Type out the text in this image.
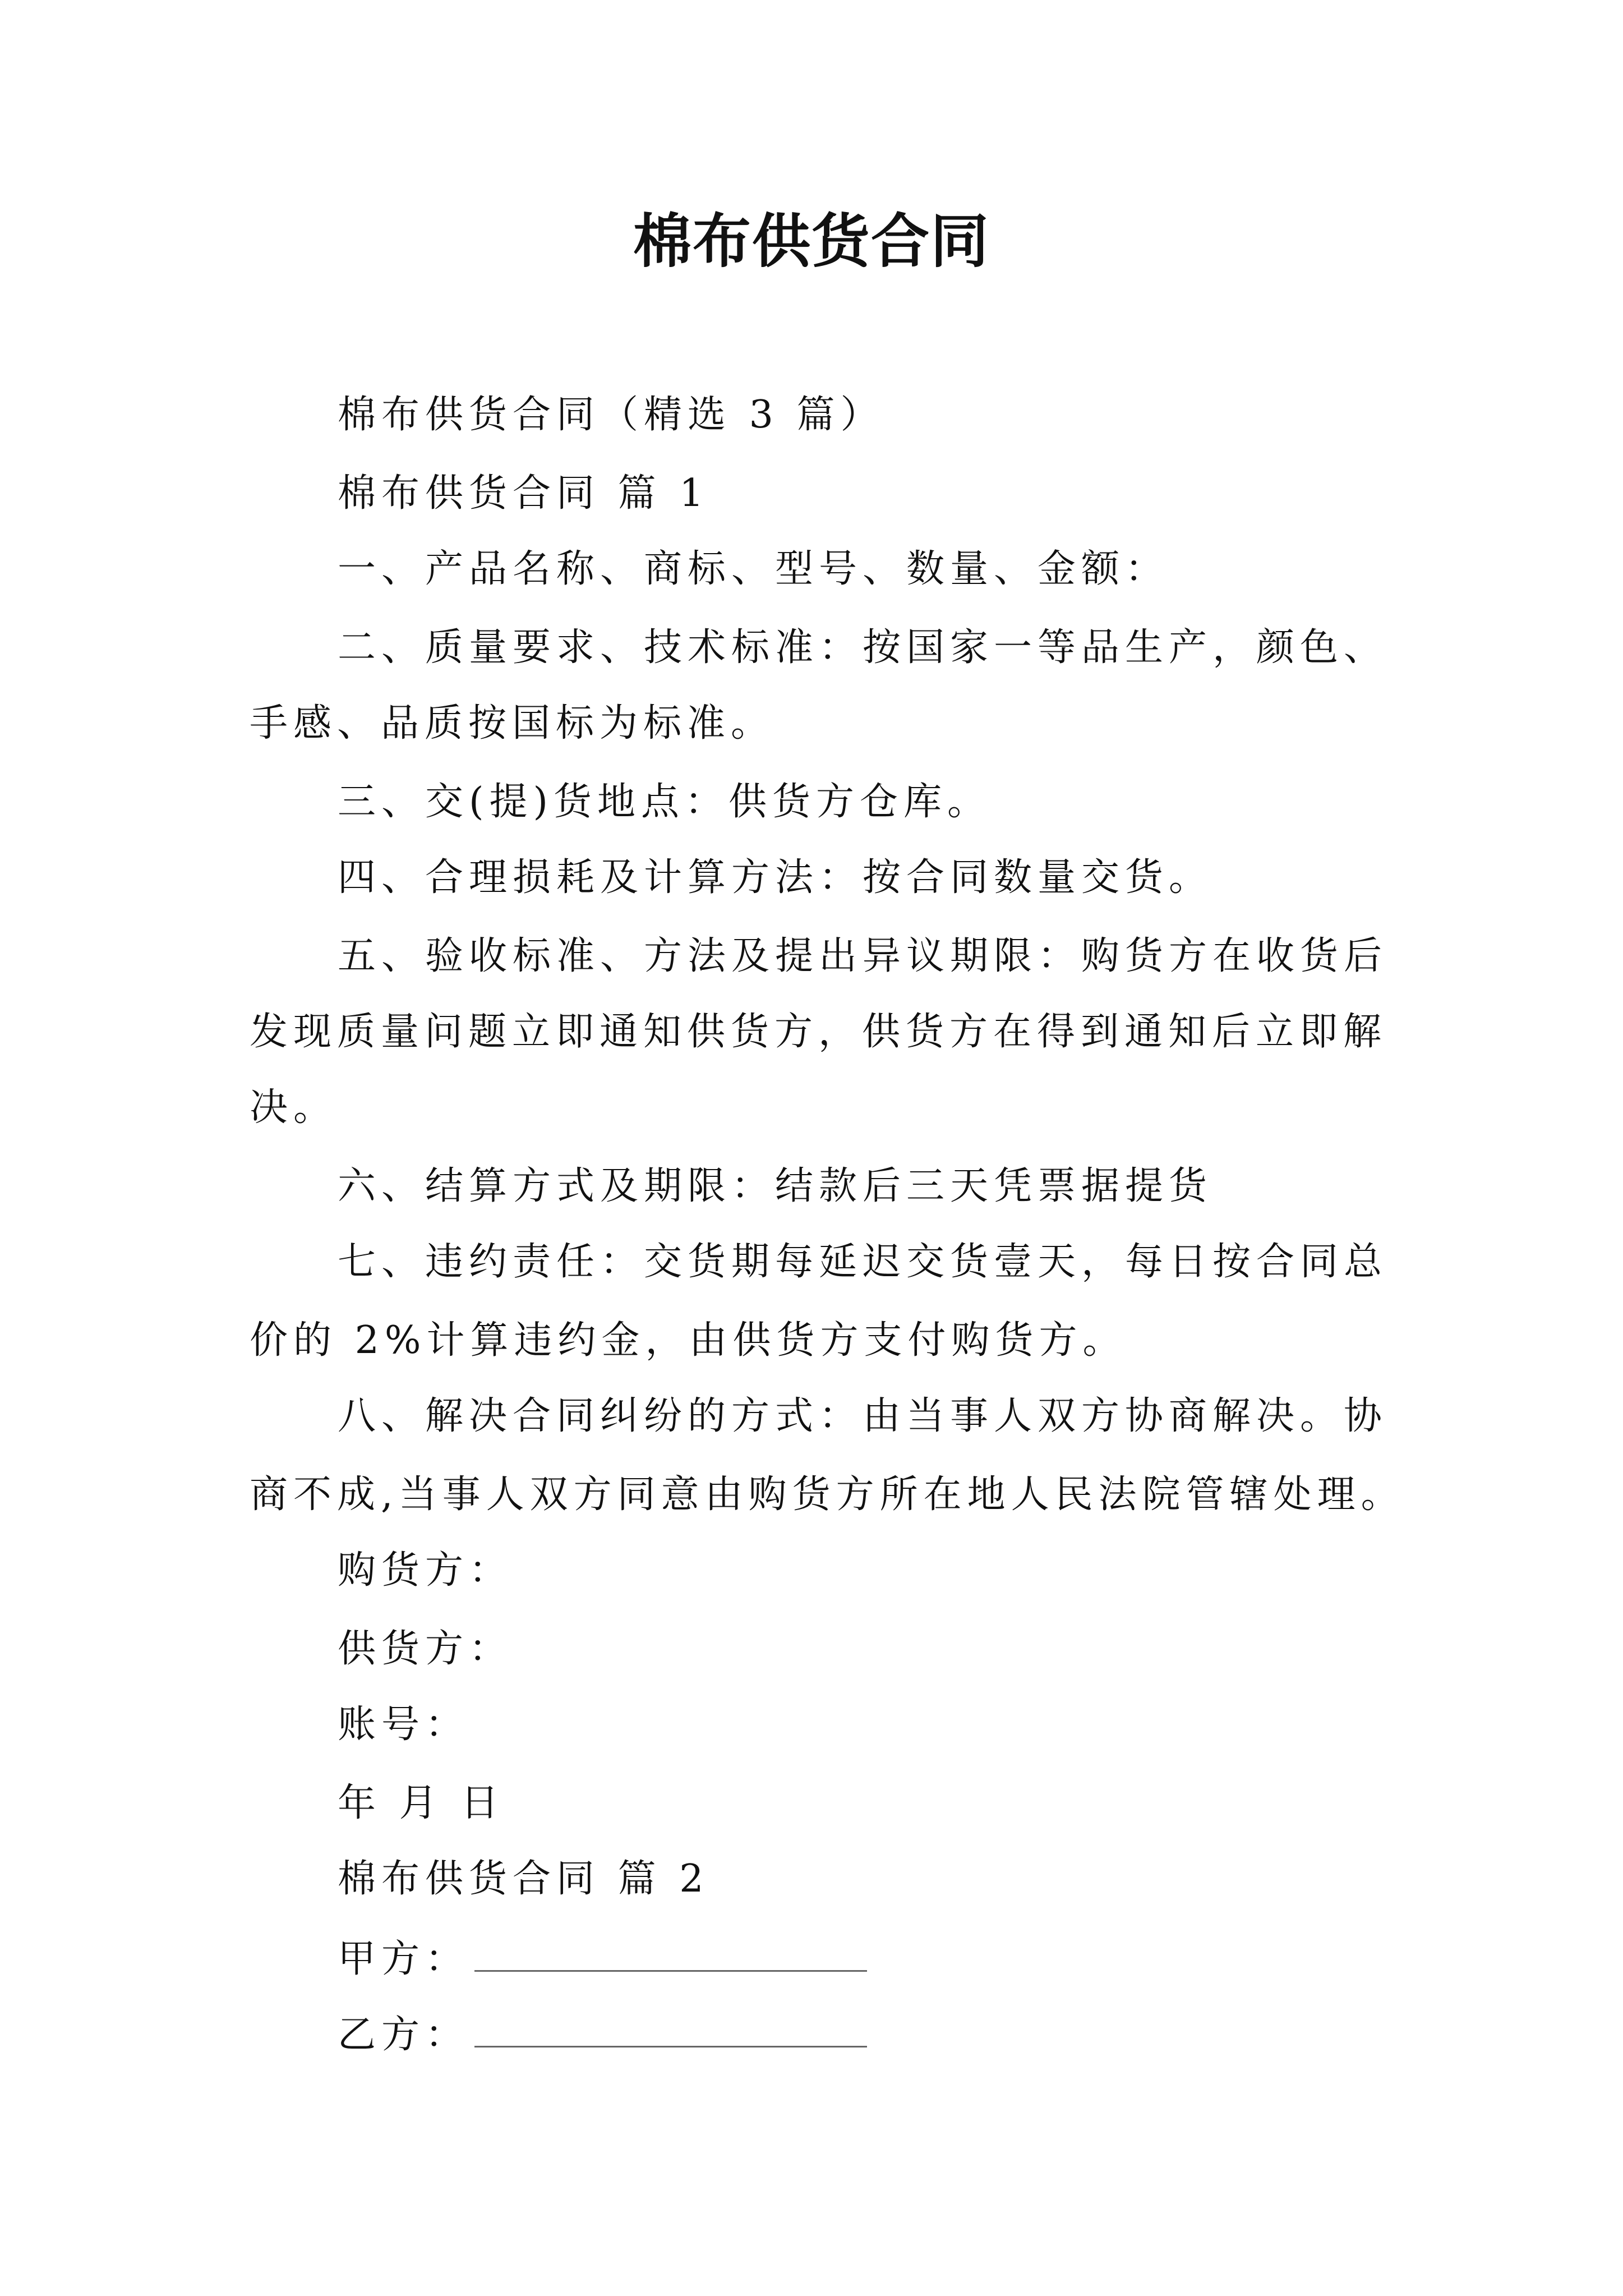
棉布供货合同
棉布供货合同（精选 3 篇）
棉布供货合同 篇 1
一、产品名称、商标、型号、数量、金额：
二、质量要求、技术标准：按国家一等品生产，颜色、
手感、品质按国标为标准。
三、交(提)货地点：供货方仓库。
四、合理损耗及计算方法：按合同数量交货。
五、验收标准、方法及提出异议期限：购货方在收货后
发现质量问题立即通知供货方，供货方在得到通知后立即解
决。
六、结算方式及期限：结款后三天凭票据提货
七、违约责任：交货期每延迟交货壹天，每日按合同总
价的 2%计算违约金，由供货方支付购货方。
八、解决合同纠纷的方式：由当事人双方协商解决。协
商不成,当事人双方同意由购货方所在地人民法院管辖处理。
购货方：
供货方：
账号：
年 月 日
棉布供货合同 篇 2
甲方：
乙方：
